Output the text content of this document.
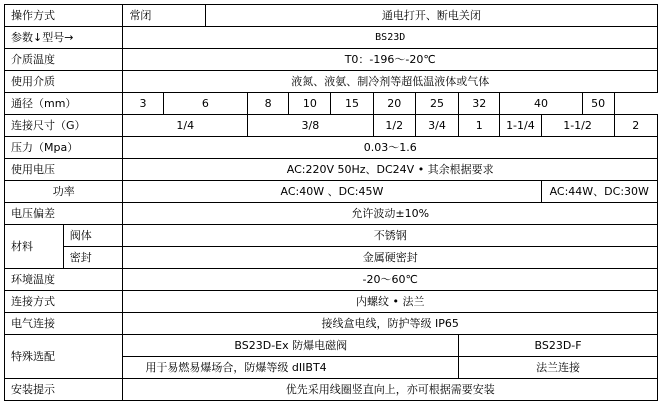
操作方式		常闭		通电打开、断电关闭										
参数↓型号→		BS23D												
介质温度		T0：-196～-20℃												
使用介质		液氮、液氨、制冷剂等超低温液体或气体												
通径（mm）		3	6		8	10	15	20	25	32	40		50	
连接尺寸（G）		1/4			3/8			1/2	3/4	1	1-1/4	1-1/2		2
压力（Mpa）		0.03～1.6												
使用电压		AC:220V 50Hz、DC24V • 其余根据要求												
功率		AC:40W 、DC:45W										AC:44W、DC:30W		
电压偏差		允许波动±10%												
材料	阀体	不锈钢												
	密封	金属硬密封												
环境温度		-20～60℃												
连接方式		内螺纹 • 法兰												
电气连接		接线盒电线，防护等级 IP65												
特殊选配		BS23D-Ex 防爆电磁阀								BS23D-F				
		用于易燃易爆场合，防爆等级 dIIBT4								法兰连接				
安装提示		优先采用线圈竖直向上，亦可根据需要安装												
